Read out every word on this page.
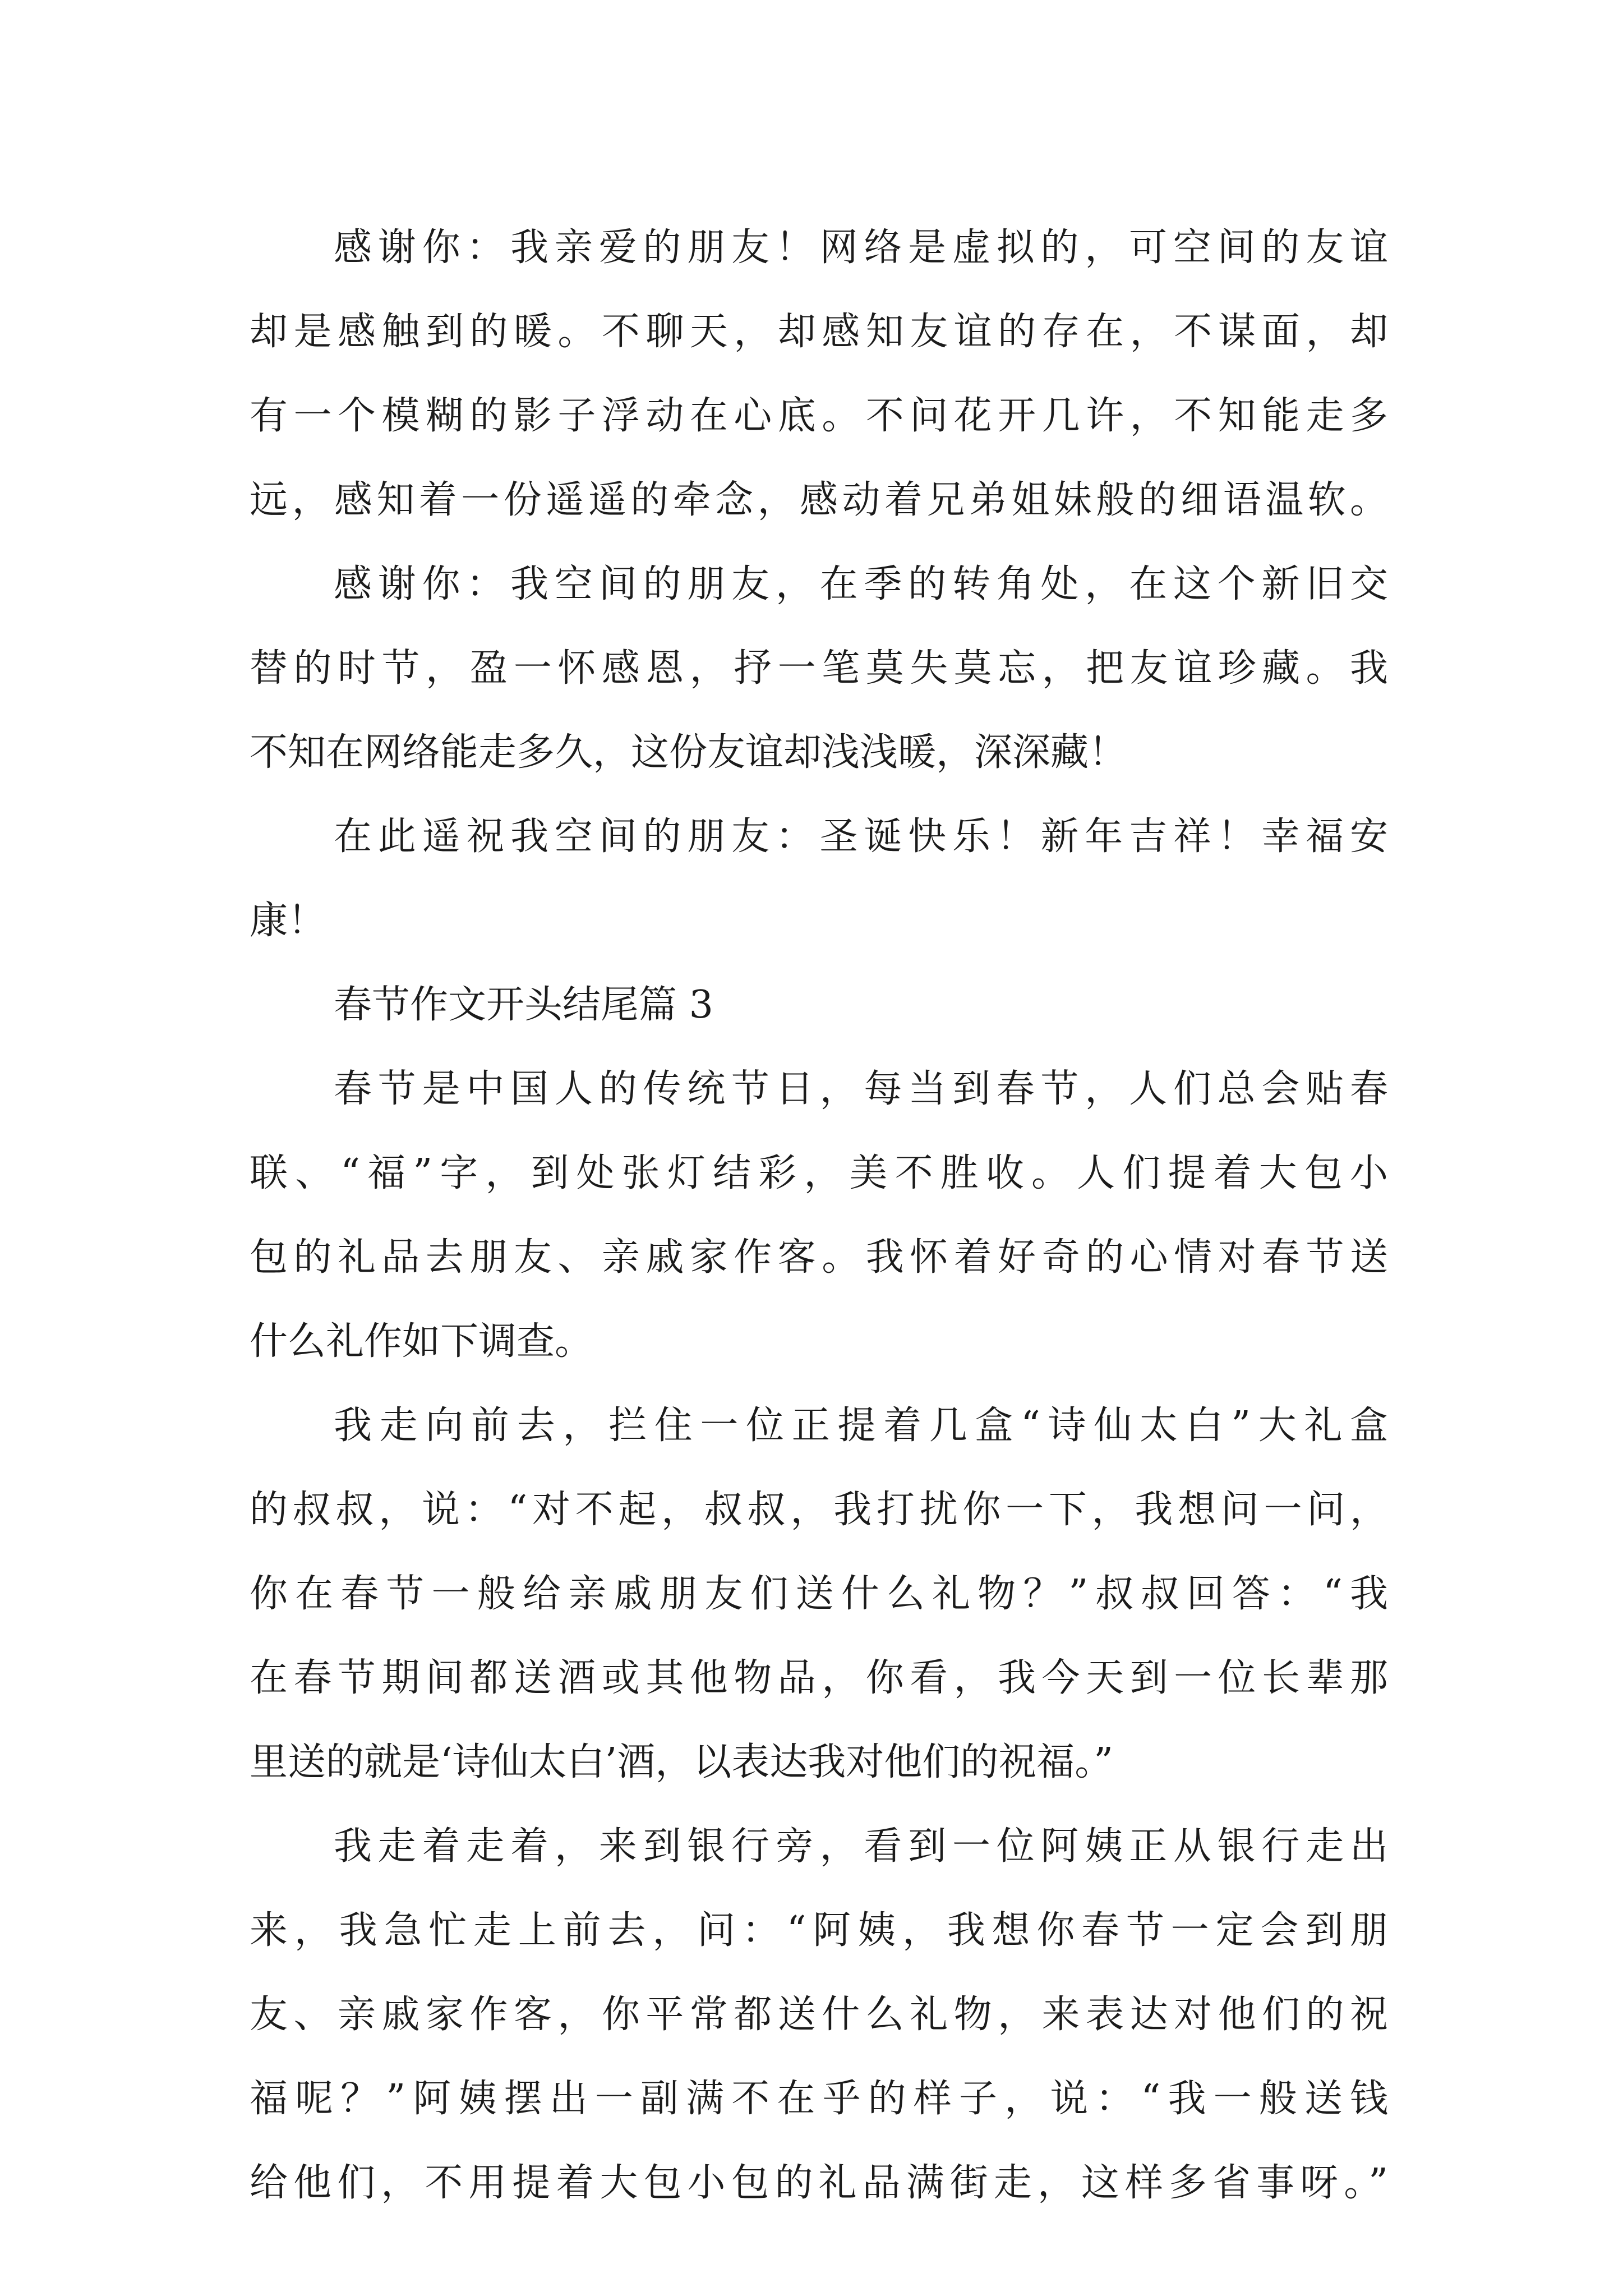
感谢你：我亲爱的朋友！网络是虚拟的，可空间的友谊

却是感触到的暖。不聊天，却感知友谊的存在，不谋面，却

有一个模糊的影子浮动在心底。不问花开几许，不知能走多

远，感知着一份遥遥的牵念，感动着兄弟姐妹般的细语温软。

感谢你：我空间的朋友，在季的转角处，在这个新旧交

替的时节，盈一怀感恩，抒一笔莫失莫忘，把友谊珍藏。我

不知在网络能走多久，这份友谊却浅浅暖，深深藏！

在此遥祝我空间的朋友：圣诞快乐！新年吉祥！幸福安

康！

春节作文开头结尾篇 3

春节是中国人的传统节日，每当到春节，人们总会贴春

联、“福”字，到处张灯结彩，美不胜收。人们提着大包小

包的礼品去朋友、亲戚家作客。我怀着好奇的心情对春节送

什么礼作如下调查。

我走向前去，拦住一位正提着几盒“诗仙太白”大礼盒

的叔叔，说：“对不起，叔叔，我打扰你一下，我想问一问，

你在春节一般给亲戚朋友们送什么礼物？”叔叔回答：“我

在春节期间都送酒或其他物品，你看，我今天到一位长辈那

里送的就是‘诗仙太白’酒，以表达我对他们的祝福。”

我走着走着，来到银行旁，看到一位阿姨正从银行走出

来，我急忙走上前去，问：“阿姨，我想你春节一定会到朋

友、亲戚家作客，你平常都送什么礼物，来表达对他们的祝

福呢？”阿姨摆出一副满不在乎的样子，说：“我一般送钱

给他们，不用提着大包小包的礼品满街走，这样多省事呀。”
